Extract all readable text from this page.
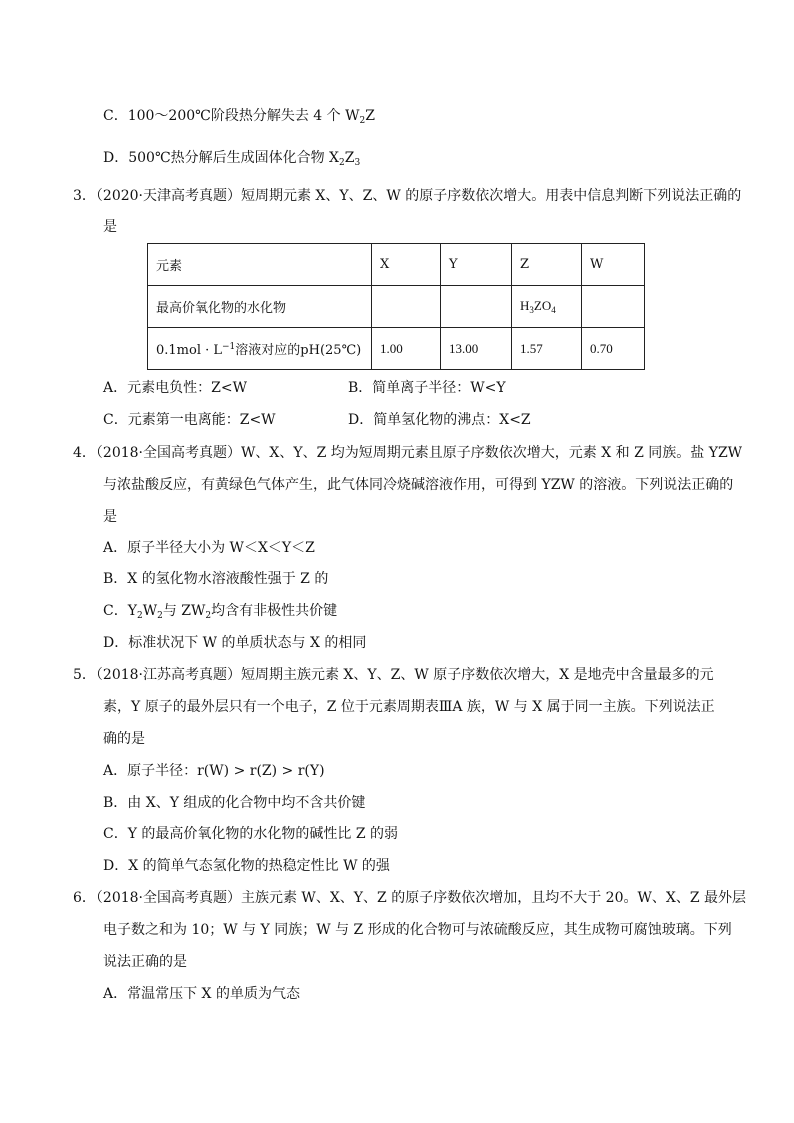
C．100～200℃阶段热分解失去 4 个 $W_2Z$
D．500℃热分解后生成固体化合物 $X_2Z_3$
3．（2020·天津高考真题）短周期元素 X、Y、Z、W 的原子序数依次增大。用表中信息判断下列说法正确的
是
元素	X	Y	Z	W
最高价氧化物的水化物			$H_3ZO_4$	
$0.1mol \cdot L^{-1}$溶液对应的pH(25℃)	1.00	13.00	1.57	0.70
A．元素电负性：Z<W	B．简单离子半径：W<Y
C．元素第一电离能：Z<W	D．简单氢化物的沸点：X<Z
4．（2018·全国高考真题）W、X、Y、Z 均为短周期元素且原子序数依次增大，元素 X 和 Z 同族。盐 YZW
与浓盐酸反应，有黄绿色气体产生，此气体同冷烧碱溶液作用，可得到 YZW 的溶液。下列说法正确的
是
A．原子半径大小为 W＜X＜Y＜Z
B．X 的氢化物水溶液酸性强于 Z 的
C．$Y_2W_2$与 $ZW_2$均含有非极性共价键
D．标准状况下 W 的单质状态与 X 的相同
5．（2018·江苏高考真题）短周期主族元素 X、Y、Z、W 原子序数依次增大，X 是地壳中含量最多的元
素，Y 原子的最外层只有一个电子，Z 位于元素周期表ⅢA 族，W 与 X 属于同一主族。下列说法正
确的是
A．原子半径：r(W) > r(Z) > r(Y)
B．由 X、Y 组成的化合物中均不含共价键
C．Y 的最高价氧化物的水化物的碱性比 Z 的弱
D．X 的简单气态氢化物的热稳定性比 W 的强
6．（2018·全国高考真题）主族元素 W、X、Y、Z 的原子序数依次增加，且均不大于 20。W、X、Z 最外层
电子数之和为 10；W 与 Y 同族；W 与 Z 形成的化合物可与浓硫酸反应，其生成物可腐蚀玻璃。下列
说法正确的是
A．常温常压下 X 的单质为气态
